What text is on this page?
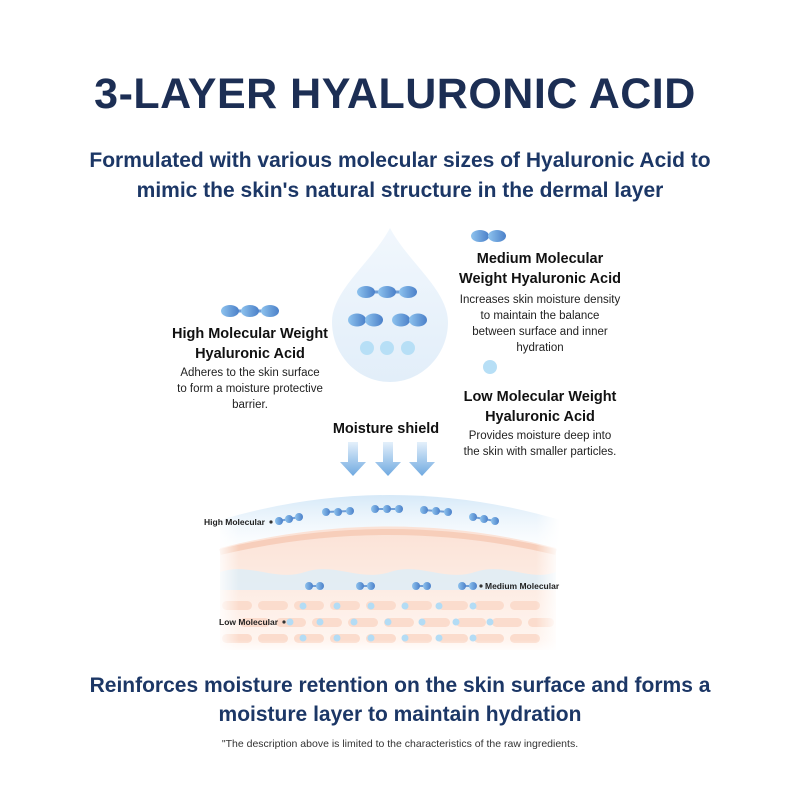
3-LAYER HYALURONIC ACID
Formulated with various molecular sizes of Hyaluronic Acid to
mimic the skin's natural structure in the dermal layer
High Molecular Weight
Hyaluronic Acid
Adheres to the skin surface
to form a moisture protective
barrier.
Medium Molecular
Weight Hyaluronic Acid
Increases skin moisture density
to maintain the balance
between surface and inner
hydration
Low Molecular Weight
Hyaluronic Acid
Provides moisture deep into
the skin with smaller particles.
Moisture shield
High Molecular
Medium Molecular
Low Molecular
Reinforces moisture retention on the skin surface and forms a
moisture layer to maintain hydration
"The description above is limited to the characteristics of the raw ingredients.
